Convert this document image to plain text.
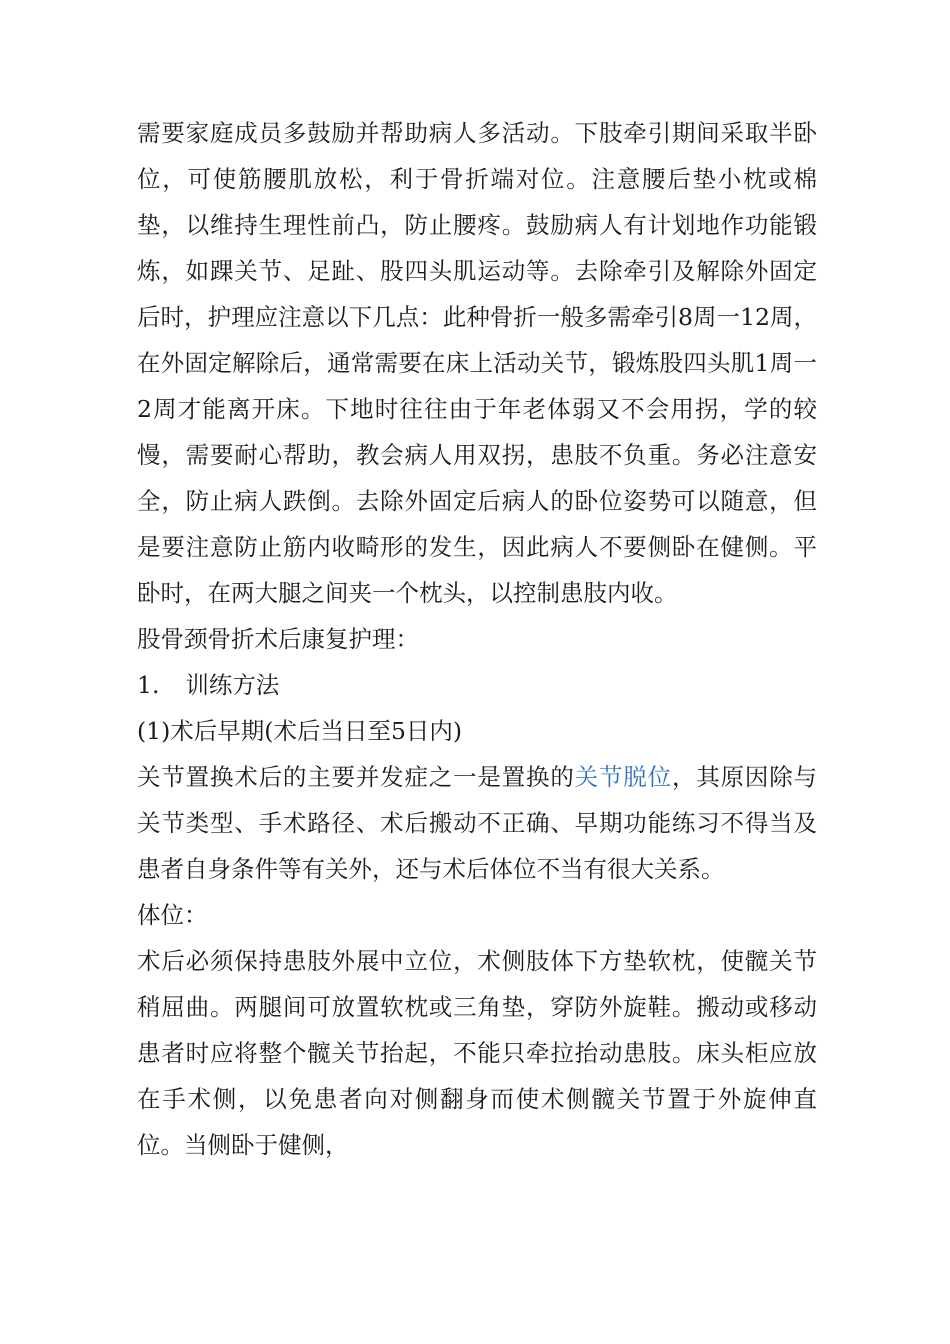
需要家庭成员多鼓励并帮助病人多活动。下肢牵引期间采取半卧位，可使筋腰肌放松，利于骨折端对位。注意腰后垫小枕或棉垫，以维持生理性前凸，防止腰疼。鼓励病人有计划地作功能锻炼，如踝关节、足趾、股四头肌运动等。去除牵引及解除外固定后时，护理应注意以下几点：此种骨折一般多需牵引8周一12周，在外固定解除后，通常需要在床上活动关节，锻炼股四头肌1周一2周才能离开床。下地时往往由于年老体弱又不会用拐，学的较慢，需要耐心帮助，教会病人用双拐，患肢不负重。务必注意安全，防止病人跌倒。去除外固定后病人的卧位姿势可以随意，但是要注意防止筋内收畸形的发生，因此病人不要侧卧在健侧。平卧时，在两大腿之间夹一个枕头，以控制患肢内收。

股骨颈骨折术后康复护理：

1. 训练方法

(1)术后早期(术后当日至5日内)

关节置换术后的主要并发症之一是置换的关节脱位，其原因除与关节类型、手术路径、术后搬动不正确、早期功能练习不得当及患者自身条件等有关外，还与术后体位不当有很大关系。

体位：

术后必须保持患肢外展中立位，术侧肢体下方垫软枕，使髋关节稍屈曲。两腿间可放置软枕或三角垫，穿防外旋鞋。搬动或移动患者时应将整个髋关节抬起，不能只牵拉抬动患肢。床头柜应放在手术侧，以免患者向对侧翻身而使术侧髋关节置于外旋伸直位。当侧卧于健侧，
